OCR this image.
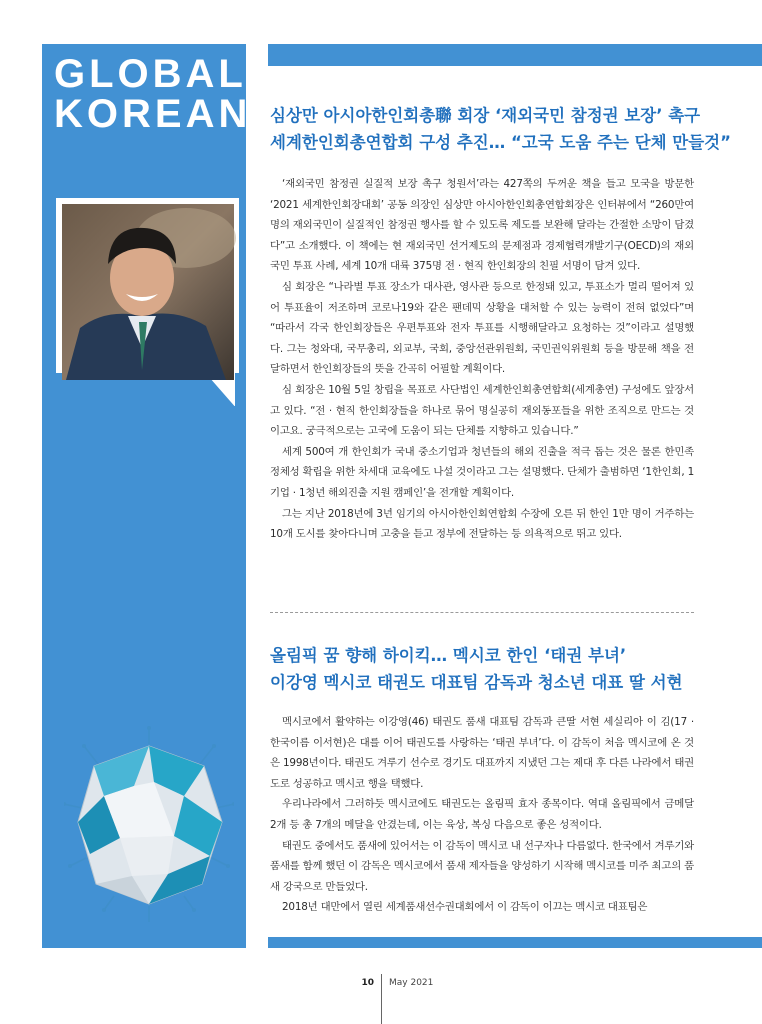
GLOBAL
KOREAN 심상만 아시아한인회총聯 회장 ‘재외국민 참정권 보장’ 촉구
세계한인회총연합회 구성 추진… “고국 도움 주는 단체 만들것”

‘재외국민 참정권 실질적 보장 촉구 청원서’라는 427쪽의 두꺼운 책을 들고 모국을 방문한 ‘2021 세계한인회장대회’ 공동 의장인 심상만 아시아한인회총연합회장은 인터뷰에서 “260만여 명의 재외국민이 실질적인 참정권 행사를 할 수 있도록 제도를 보완해 달라는 간절한 소망이 담겼다”고 소개했다. 이 책에는 현 재외국민 선거제도의 문제점과 경제협력개발기구(OECD)의 재외국민 투표 사례, 세계 10개 대륙 375명 전 · 현직 한인회장의 친필 서명이 담겨 있다.

심 회장은 “나라별 투표 장소가 대사관, 영사관 등으로 한정돼 있고, 투표소가 멀리 떨어져 있어 투표율이 저조하며 코로나19와 같은 팬데믹 상황을 대처할 수 있는 능력이 전혀 없었다”며 “따라서 각국 한인회장들은 우편투표와 전자 투표를 시행해달라고 요청하는 것”이라고 설명했다. 그는 청와대, 국무총리, 외교부, 국회, 중앙선관위원회, 국민권익위원회 등을 방문해 책을 전달하면서 한인회장들의 뜻을 간곡히 어필할 계획이다.

심 회장은 10월 5일 창립을 목표로 사단법인 세계한인회총연합회(세계총연) 구성에도 앞장서고 있다. “전 · 현직 한인회장들을 하나로 묶어 명실공히 재외동포들을 위한 조직으로 만드는 것이고요. 궁극적으로는 고국에 도움이 되는 단체를 지향하고 있습니다.”

세계 500여 개 한인회가 국내 중소기업과 청년들의 해외 진출을 적극 돕는 것은 물론 한민족 정체성 확립을 위한 차세대 교육에도 나설 것이라고 그는 설명했다. 단체가 출범하면 ‘1한인회, 1기업 · 1청년 해외진출 지원 캠페인’을 전개할 계획이다.

그는 지난 2018년에 3년 임기의 아시아한인회연합회 수장에 오른 뒤 한인 1만 명이 거주하는 10개 도시를 찾아다니며 고충을 듣고 정부에 전달하는 등 의욕적으로 뛰고 있다.

올림픽 꿈 향해 하이킥… 멕시코 한인 ‘태권 부녀’
이강영 멕시코 태권도 대표팀 감독과 청소년 대표 딸 서현

멕시코에서 활약하는 이강영(46) 태권도 품새 대표팀 감독과 큰딸 서현 세실리아 이 김(17 · 한국이름 이서현)은 대를 이어 태권도를 사랑하는 ‘태권 부녀’다. 이 감독이 처음 멕시코에 온 것은 1998년이다. 태권도 겨루기 선수로 경기도 대표까지 지냈던 그는 제대 후 다른 나라에서 태권도로 성공하고 멕시코 행을 택했다.

우리나라에서 그러하듯 멕시코에도 태권도는 올림픽 효자 종목이다. 역대 올림픽에서 금메달 2개 등 총 7개의 메달을 안겼는데, 이는 육상, 복싱 다음으로 좋은 성적이다.

태권도 중에서도 품새에 있어서는 이 감독이 멕시코 내 선구자나 다름없다. 한국에서 겨루기와 품새를 함께 했던 이 감독은 멕시코에서 품새 제자들을 양성하기 시작해 멕시코를 미주 최고의 품새 강국으로 만들었다.

2018년 대만에서 열린 세계품새선수권대회에서 이 감독이 이끄는 멕시코 대표팀은

10 May 2021
